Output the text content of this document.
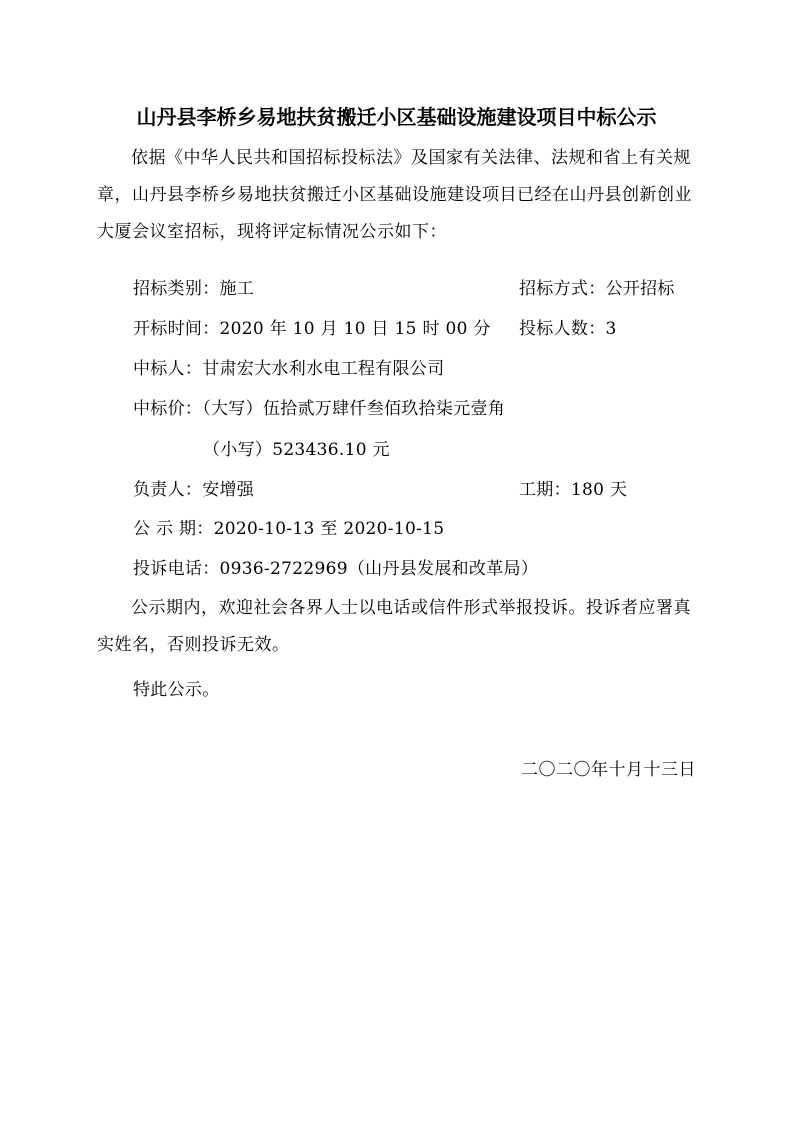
山丹县李桥乡易地扶贫搬迁小区基础设施建设项目中标公示
依据《中华人民共和国招标投标法》及国家有关法律、法规和省上有关规章，山丹县李桥乡易地扶贫搬迁小区基础设施建设项目已经在山丹县创新创业大厦会议室招标，现将评定标情况公示如下：
招标类别：施工	招标方式：公开招标
开标时间：2020 年 10 月 10 日 15 时 00 分 投标人数：3
中标人：甘肃宏大水利水电工程有限公司
中标价：（大写）伍拾贰万肆仟叁佰玖拾柒元壹角
（小写）523436.10 元
负责人：安增强	工期：180 天
公 示 期：2020-10-13 至 2020-10-15
投诉电话：0936-2722969（山丹县发展和改革局）
公示期内，欢迎社会各界人士以电话或信件形式举报投诉。投诉者应署真实姓名，否则投诉无效。
特此公示。
二〇二〇年十月十三日
